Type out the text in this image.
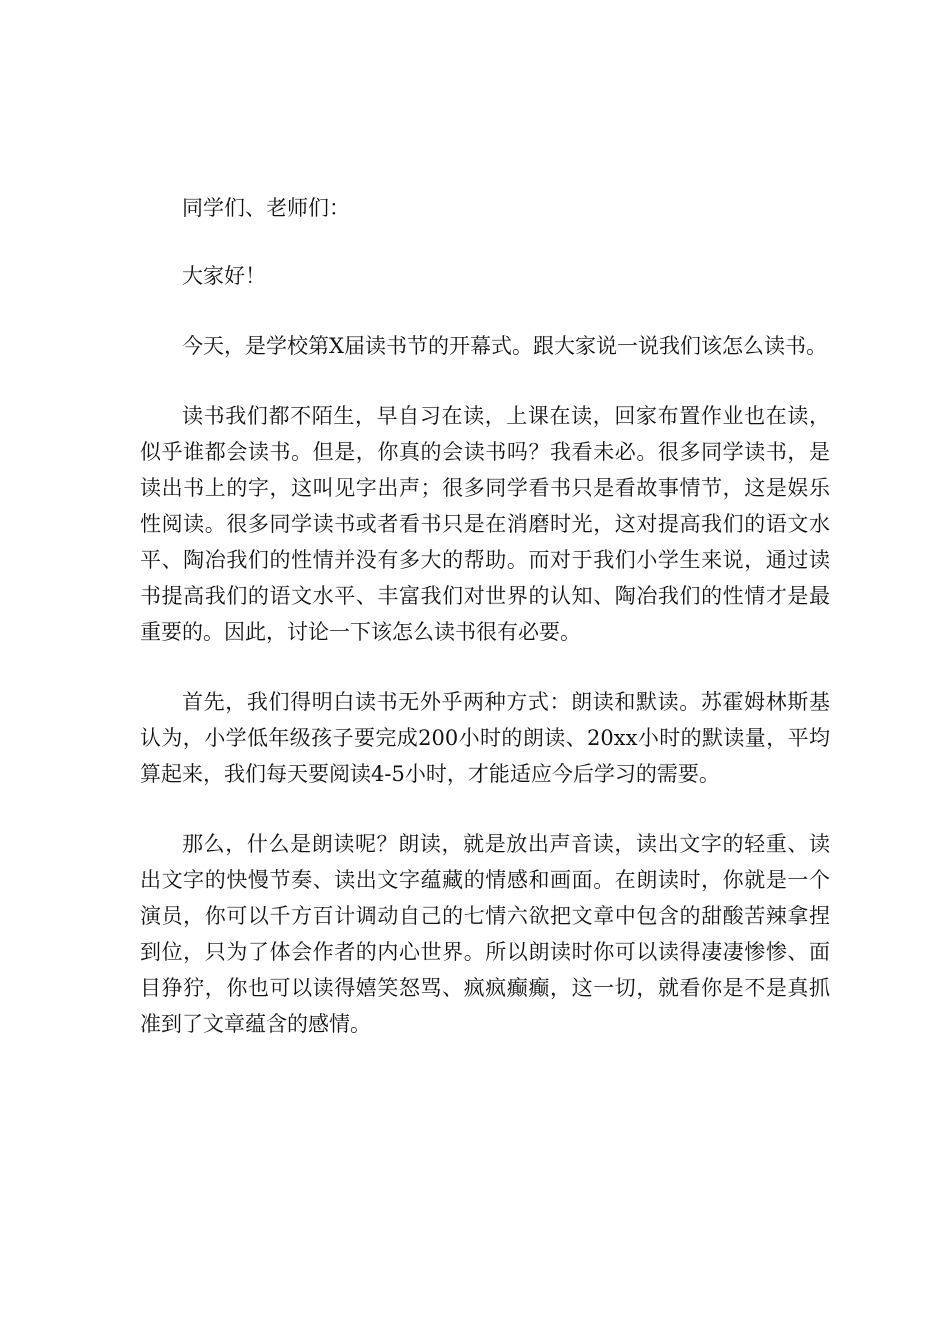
同学们、老师们：

大家好！

今天，是学校第X届读书节的开幕式。跟大家说一说我们该怎么读书。

读书我们都不陌生，早自习在读，上课在读，回家布置作业也在读，似乎谁都会读书。但是，你真的会读书吗？我看未必。很多同学读书，是读出书上的字，这叫见字出声；很多同学看书只是看故事情节，这是娱乐性阅读。很多同学读书或者看书只是在消磨时光，这对提高我们的语文水平、陶冶我们的性情并没有多大的帮助。而对于我们小学生来说，通过读书提高我们的语文水平、丰富我们对世界的认知、陶冶我们的性情才是最重要的。因此，讨论一下该怎么读书很有必要。

首先，我们得明白读书无外乎两种方式：朗读和默读。苏霍姆林斯基认为，小学低年级孩子要完成200小时的朗读、20xx小时的默读量，平均算起来，我们每天要阅读4-5小时，才能适应今后学习的需要。

那么，什么是朗读呢？朗读，就是放出声音读，读出文字的轻重、读出文字的快慢节奏、读出文字蕴藏的情感和画面。在朗读时，你就是一个演员，你可以千方百计调动自己的七情六欲把文章中包含的甜酸苦辣拿捏到位，只为了体会作者的内心世界。所以朗读时你可以读得凄凄惨惨、面目狰狞，你也可以读得嬉笑怒骂、疯疯癫癫，这一切，就看你是不是真抓准到了文章蕴含的感情。
